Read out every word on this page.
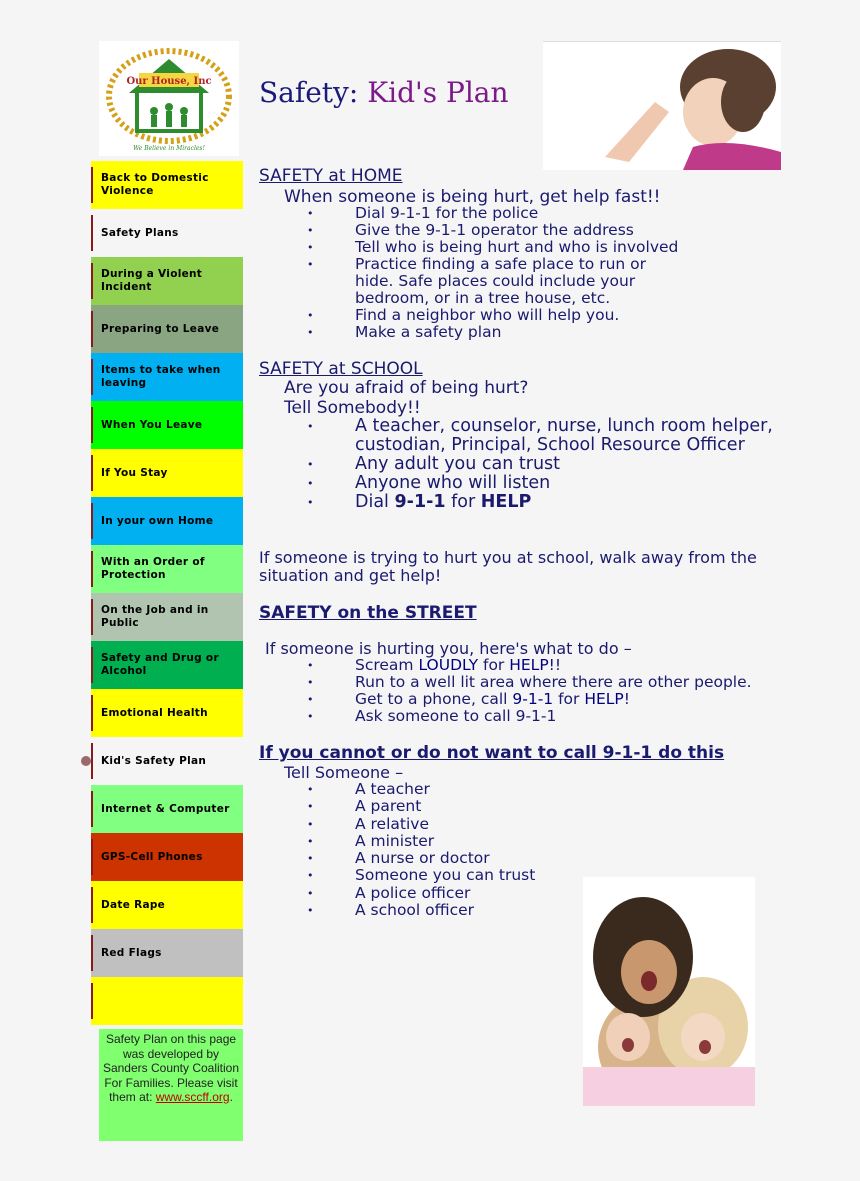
Our House, Inc
We Believe in Miracles!
Safety: Kid's Plan
Back to Domestic Violence
Safety Plans
During a Violent Incident
Preparing to Leave
Items to take when leaving
When You Leave
If You Stay
In your own Home
With an Order of Protection
On the Job and in Public
Safety and Drug or Alcohol
Emotional Health
Kid's Safety Plan
Internet & Computer
GPS-Cell Phones
Date Rape
Red Flags
Safety Plan on this page was developed by Sanders County Coalition For Families. Please visit them at: www.sccff.org.
SAFETY at HOME
When someone is being hurt, get help fast!!
• Dial 9-1-1 for the police
• Give the 9-1-1 operator the address
• Tell who is being hurt and who is involved
• Practice finding a safe place to run or hide. Safe places could include your bedroom, or in a tree house, etc.
• Find a neighbor who will help you.
• Make a safety plan
SAFETY at SCHOOL
Are you afraid of being hurt?
Tell Somebody!!
• A teacher, counselor, nurse, lunch room helper, custodian, Principal, School Resource Officer
• Any adult you can trust
• Anyone who will listen
• Dial 9-1-1 for HELP
If someone is trying to hurt you at school, walk away from the situation and get help!
SAFETY on the STREET
If someone is hurting you, here's what to do –
• Scream LOUDLY for HELP!!
• Run to a well lit area where there are other people.
• Get to a phone, call 9-1-1 for HELP!
• Ask someone to call 9-1-1
If you cannot or do not want to call 9-1-1 do this
Tell Someone –
• A teacher
• A parent
• A relative
• A minister
• A nurse or doctor
• Someone you can trust
• A police officer
• A school officer
